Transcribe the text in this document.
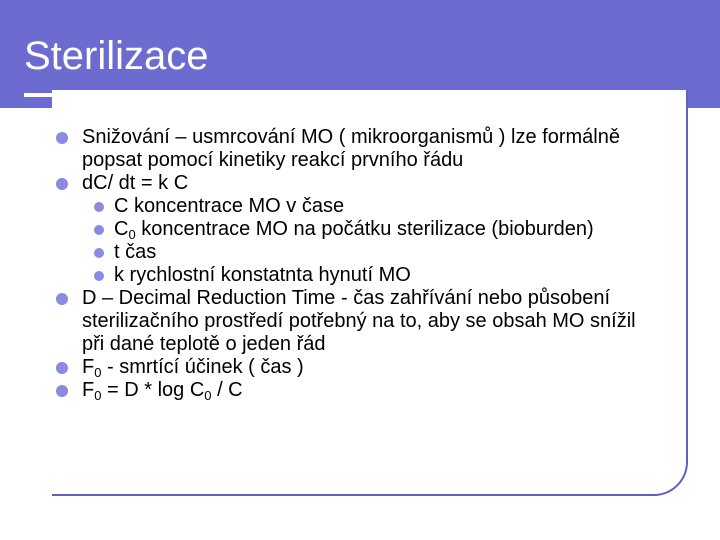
Sterilizace
Snižování – usmrcování MO ( mikroorganismů ) lze formálně popsat pomocí kinetiky reakcí prvního řádu
dC/ dt = k C
C koncentrace MO v čase
$C_0$ koncentrace MO na počátku sterilizace (bioburden)
t čas
k rychlostní konstatnta hynutí MO
D – Decimal Reduction Time - čas zahřívání nebo působení sterilizačního prostředí potřebný na to, aby se obsah MO snížil při dané teplotě o jeden řád
$F_0$ - smrtící účinek ( čas )
$F_0 = D * \log C_0 / C$
